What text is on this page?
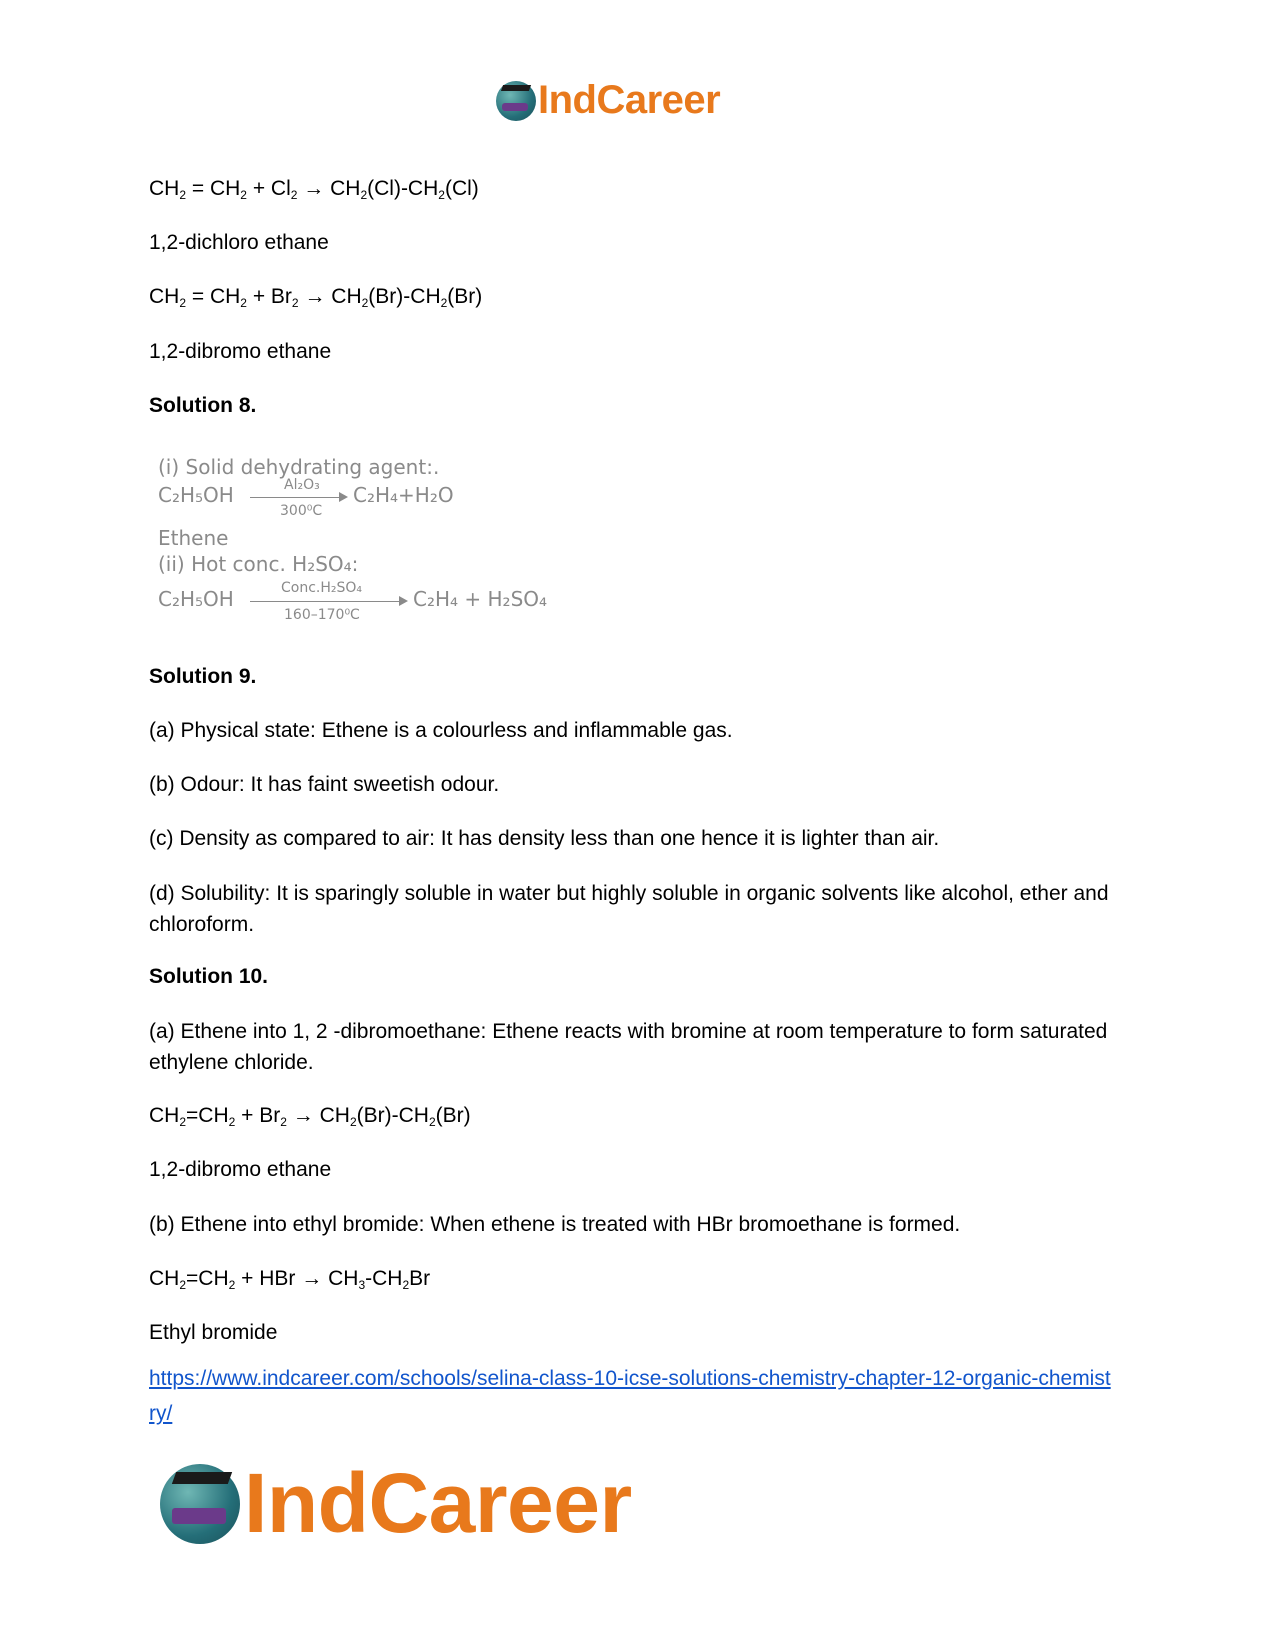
IndCareer
$CH_2 = CH_2 + Cl_2 \to CH_2(Cl)-CH_2(Cl)$
1,2-dichloro ethane
$CH_2 = CH_2 + Br_2 \to CH_2(Br)-CH_2(Br)$
1,2-dibromo ethane
Solution 8.
(i) Solid dehydrating agent:.
C₂H₅OH	Al₂O₃
300⁰C
C₂H₄+H₂O
Ethene
(ii) Hot conc. H₂SO₄:
C₂H₅OH	Conc.H₂SO₄
160–170⁰C
C₂H₄ + H₂SO₄
Solution 9.
(a) Physical state: Ethene is a colourless and inflammable gas.
(b) Odour: It has faint sweetish odour.
(c) Density as compared to air: It has density less than one hence it is lighter than air.
(d) Solubility: It is sparingly soluble in water but highly soluble in organic solvents like alcohol, ether and chloroform.
Solution 10.
(a) Ethene into 1, 2 -dibromoethane: Ethene reacts with bromine at room temperature to form saturated ethylene chloride.
$CH_2=CH_2 + Br_2 \to CH_2(Br)-CH_2(Br)$
1,2-dibromo ethane
(b) Ethene into ethyl bromide: When ethene is treated with HBr bromoethane is formed.
$CH_2=CH_2$ + HBr → $CH_3-CH_2Br$
Ethyl bromide
https://www.indcareer.com/schools/selina-class-10-icse-solutions-chemistry-chapter-12-organic-chemistry/
IndCareer
